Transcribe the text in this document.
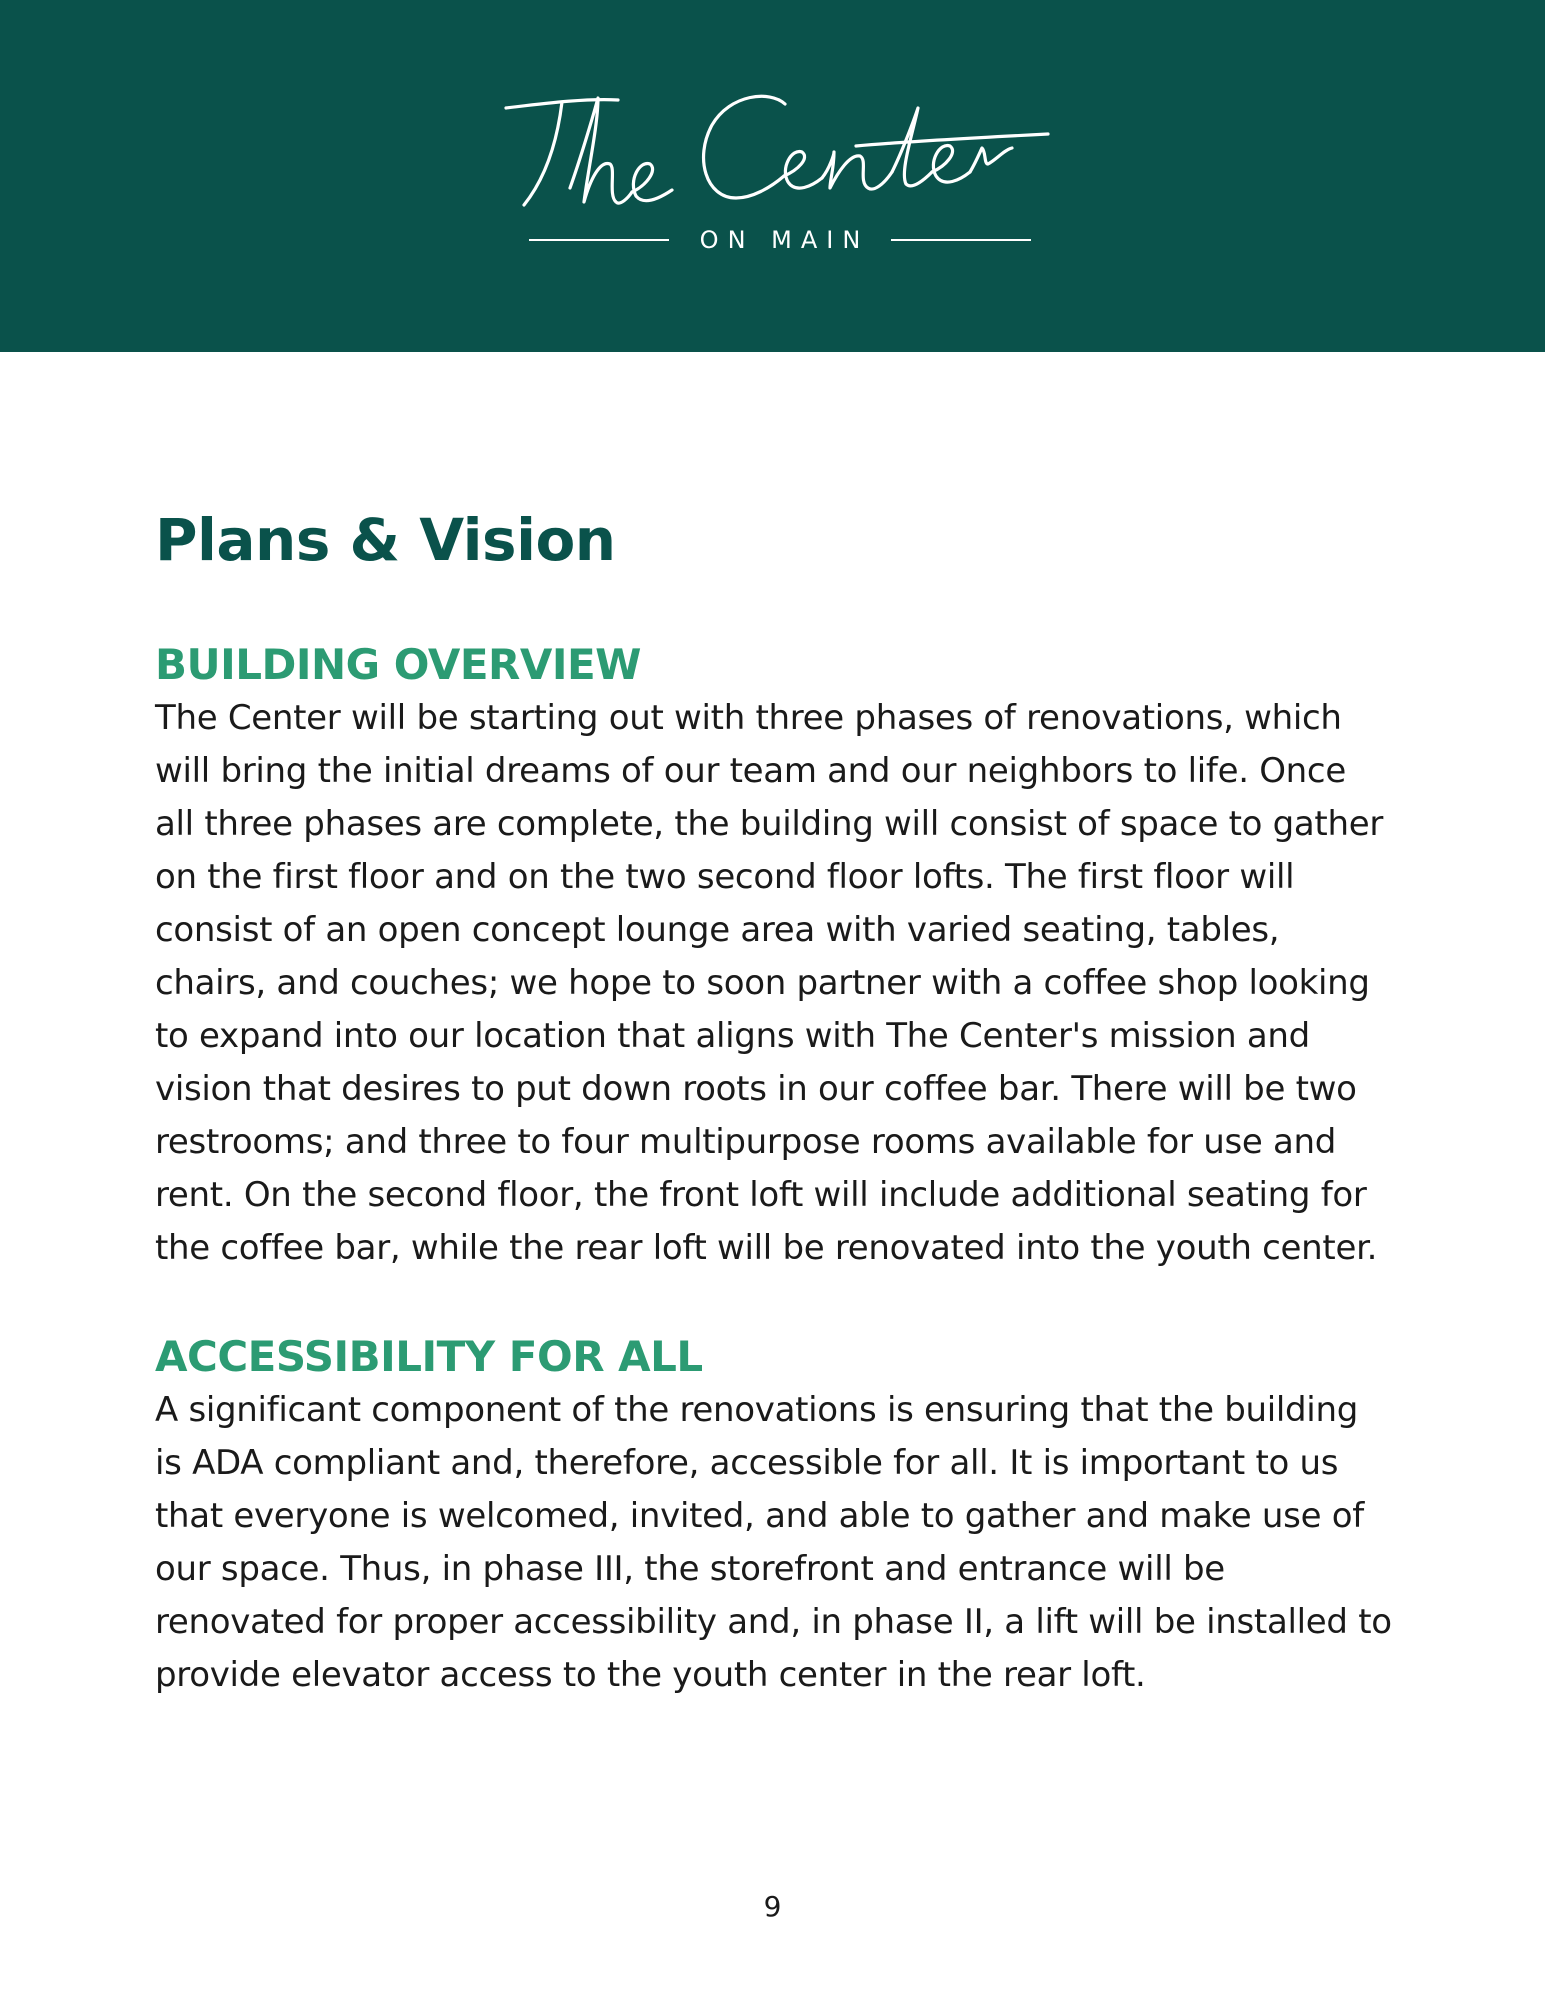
ON MAIN
Plans & Vision
BUILDING OVERVIEW

The Center will be starting out with three phases of renovations, which will bring the initial dreams of our team and our neighbors to life. Once all three phases are complete, the building will consist of space to gather on the first floor and on the two second floor lofts. The first floor will consist of an open concept lounge area with varied seating, tables, chairs, and couches; we hope to soon partner with a coffee shop looking to expand into our location that aligns with The Center's mission and vision that desires to put down roots in our coffee bar. There will be two restrooms; and three to four multipurpose rooms available for use and rent. On the second floor, the front loft will include additional seating for the coffee bar, while the rear loft will be renovated into the youth center.

ACCESSIBILITY FOR ALL

A significant component of the renovations is ensuring that the building is ADA compliant and, therefore, accessible for all. It is important to us that everyone is welcomed, invited, and able to gather and make use of our space. Thus, in phase III, the storefront and entrance will be renovated for proper accessibility and, in phase II, a lift will be installed to provide elevator access to the youth center in the rear loft.

9
